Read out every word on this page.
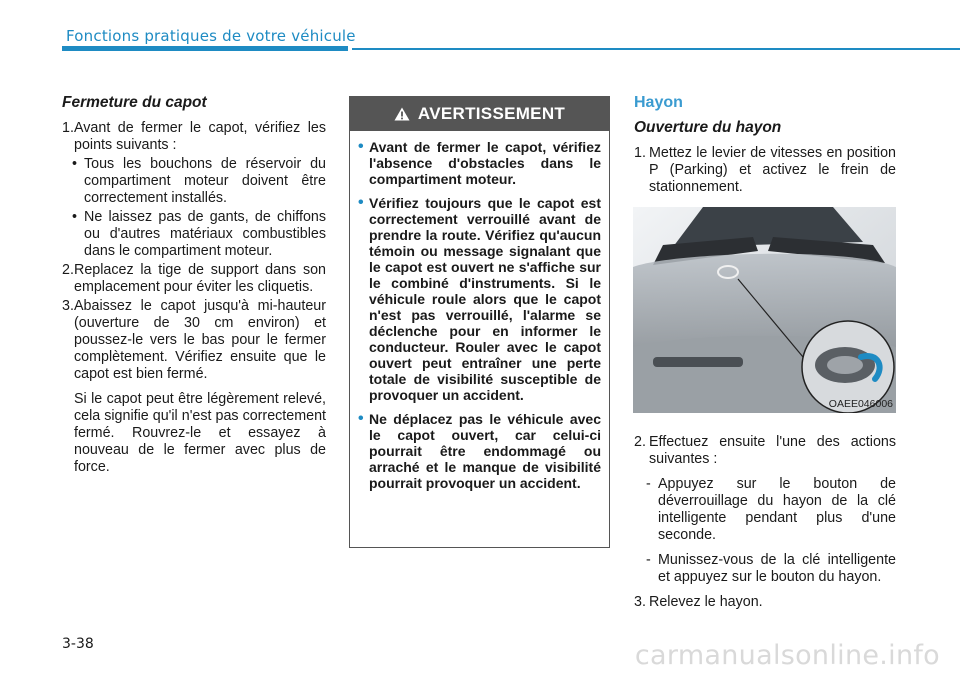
Fonctions pratiques de votre véhicule
Fermeture du capot
1. Avant de fermer le capot, vérifiez les points suivants :
• Tous les bouchons de réservoir du compartiment moteur doivent être correctement installés.
• Ne laissez pas de gants, de chiffons ou d'autres matériaux combustibles dans le compartiment moteur.
2. Replacez la tige de support dans son emplacement pour éviter les cliquetis.
3. Abaissez le capot jusqu'à mi-hauteur (ouverture de 30 cm environ) et poussez-le vers le bas pour le fermer complètement. Vérifiez ensuite que le capot est bien fermé.
Si le capot peut être légèrement relevé, cela signifie qu'il n'est pas correctement fermé. Rouvrez-le et essayez à nouveau de le fermer avec plus de force.
AVERTISSEMENT
• Avant de fermer le capot, vérifiez l'absence d'obstacles dans le compartiment moteur.
• Vérifiez toujours que le capot est correctement verrouillé avant de prendre la route. Vérifiez qu'aucun témoin ou message signalant que le capot est ouvert ne s'affiche sur le combiné d'instruments. Si le véhicule roule alors que le capot n'est pas verrouillé, l'alarme se déclenche pour en informer le conducteur. Rouler avec le capot ouvert peut entraîner une perte totale de visibilité susceptible de provoquer un accident.
• Ne déplacez pas le véhicule avec le capot ouvert, car celui-ci pourrait être endommagé ou arraché et le manque de visibilité pourrait provoquer un accident.
Hayon
Ouverture du hayon
1. Mettez le levier de vitesses en position P (Parking) et activez le frein de stationnement.
OAEE046006
2. Effectuez ensuite l'une des actions suivantes :
- Appuyez sur le bouton de déverrouillage du hayon de la clé intelligente pendant plus d'une seconde.
- Munissez-vous de la clé intelligente et appuyez sur le bouton du hayon.
3. Relevez le hayon.
3-38	carmanualsonline.info
